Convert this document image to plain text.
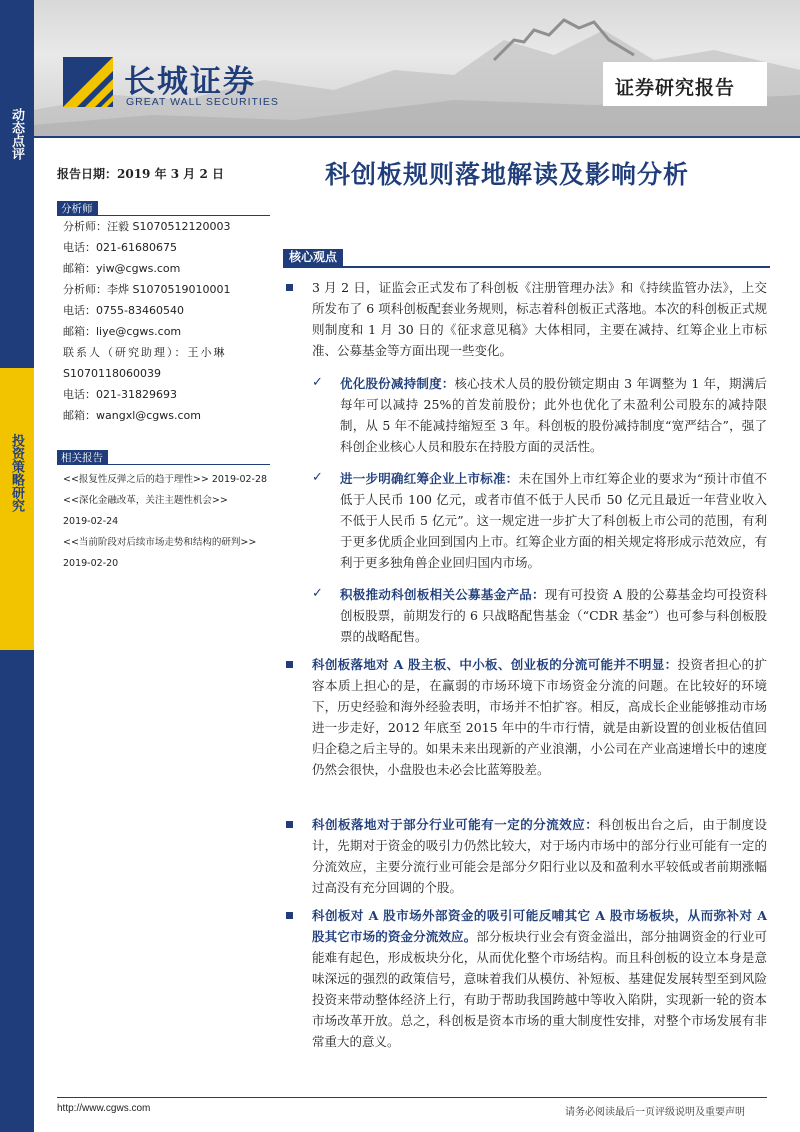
动态点评
投资策略研究
长城证券
GREAT WALL SECURITIES
证券研究报告
报告日期：2019 年 3 月 2 日	科创板规则落地解读及影响分析
分析师
分析师：汪毅 S1070512120003
电话：021-61680675
邮箱：yiw@cgws.com
分析师：李烨 S1070519010001
电话：0755-83460540
邮箱：liye@cgws.com
联系人（研究助理）：王小琳
S1070118060039
电话：021-31829693
邮箱：wangxl@cgws.com
相关报告
<<报复性反弹之后的趋于理性>> 2019-02-28
<<深化金融改革，关注主题性机会>>
2019-02-24
<<当前阶段对后续市场走势和结构的研判>>
2019-02-20
核心观点
3 月 2 日，证监会正式发布了科创板《注册管理办法》和《持续监管办法》，上交所发布了 6 项科创板配套业务规则，标志着科创板正式落地。本次的科创板正式规则制度和 1 月 30 日的《征求意见稿》大体相同，主要在减持、红筹企业上市标准、公募基金等方面出现一些变化。
✓ 优化股份减持制度：核心技术人员的股份锁定期由 3 年调整为 1 年，期满后每年可以减持 25%的首发前股份；此外也优化了未盈利公司股东的减持限制，从 5 年不能减持缩短至 3 年。科创板的股份减持制度“宽严结合”，强了科创企业核心人员和股东在持股方面的灵活性。
✓ 进一步明确红筹企业上市标准：未在国外上市红筹企业的要求为“预计市值不低于人民币 100 亿元，或者市值不低于人民币 50 亿元且最近一年营业收入不低于人民币 5 亿元”。这一规定进一步扩大了科创板上市公司的范围，有利于更多优质企业回到国内上市。红筹企业方面的相关规定将形成示范效应，有利于更多独角兽企业回归国内市场。
✓ 积极推动科创板相关公募基金产品：现有可投资 A 股的公募基金均可投资科创板股票，前期发行的 6 只战略配售基金（“CDR 基金”）也可参与科创板股票的战略配售。
科创板落地对 A 股主板、中小板、创业板的分流可能并不明显：投资者担心的扩容本质上担心的是，在赢弱的市场环境下市场资金分流的问题。在比较好的环境下，历史经验和海外经验表明，市场并不怕扩容。相反，高成长企业能够推动市场进一步走好，2012 年底至 2015 年中的牛市行情，就是由新设置的创业板估值回归企稳之后主导的。如果未来出现新的产业浪潮，小公司在产业高速增长中的速度仍然会很快，小盘股也未必会比蓝筹股差。
科创板落地对于部分行业可能有一定的分流效应：科创板出台之后，由于制度设计，先期对于资金的吸引力仍然比较大，对于场内市场中的部分行业可能有一定的分流效应，主要分流行业可能会是部分夕阳行业以及和盈利水平较低或者前期涨幅过高没有充分回调的个股。
科创板对 A 股市场外部资金的吸引可能反哺其它 A 股市场板块，从而弥补对 A 股其它市场的资金分流效应。部分板块行业会有资金溢出，部分抽调资金的行业可能难有起色，形成板块分化，从而优化整个市场结构。而且科创板的设立本身是意味深远的强烈的政策信号，意味着我们从模仿、补短板、基建促发展转型至到风险投资来带动整体经济上行，有助于帮助我国跨越中等收入陷阱，实现新一轮的资本市场改革开放。总之，科创板是资本市场的重大制度性安排，对整个市场发展有非常重大的意义。
http://www.cgws.com	请务必阅读最后一页评级说明及重要声明
